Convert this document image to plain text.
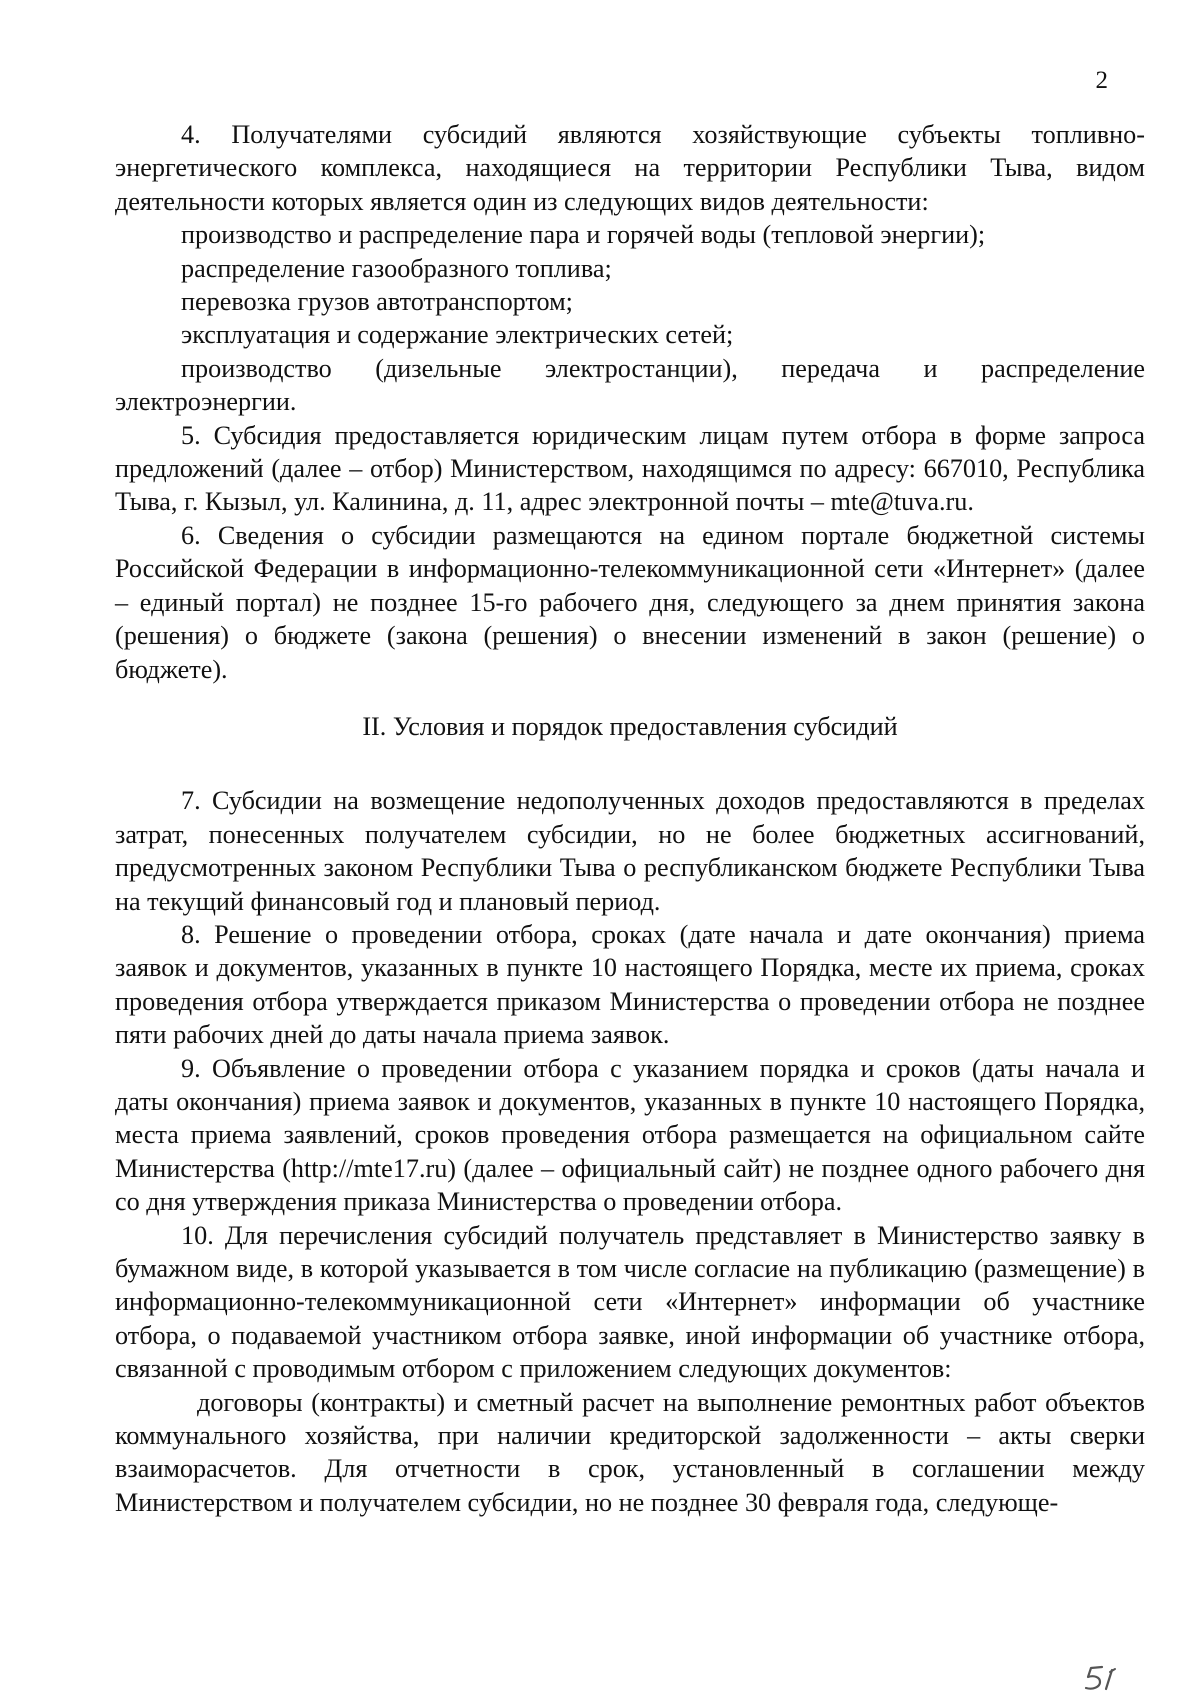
2

4. Получателями субсидий являются хозяйствующие субъекты топливно-энергетического комплекса, находящиеся на территории Республики Тыва, видом деятельности которых является один из следующих видов деятельности:

производство и распределение пара и горячей воды (тепловой энергии);

распределение газообразного топлива;

перевозка грузов автотранспортом;

эксплуатация и содержание электрических сетей;

производство (дизельные электростанции), передача и распределение электроэнергии.

5. Субсидия предоставляется юридическим лицам путем отбора в форме запроса предложений (далее – отбор) Министерством, находящимся по адресу: 667010, Республика Тыва, г. Кызыл, ул. Калинина, д. 11, адрес электронной почты – mte@tuva.ru.

6. Сведения о субсидии размещаются на едином портале бюджетной системы Российской Федерации в информационно-телекоммуникационной сети «Интернет» (далее – единый портал) не позднее 15-го рабочего дня, следующего за днем принятия закона (решения) о бюджете (закона (решения) о внесении изменений в закон (решение) о бюджете).

II. Условия и порядок предоставления субсидий

7. Субсидии на возмещение недополученных доходов предоставляются в пределах затрат, понесенных получателем субсидии, но не более бюджетных ассигнований, предусмотренных законом Республики Тыва о республиканском бюджете Республики Тыва на текущий финансовый год и плановый период.

8. Решение о проведении отбора, сроках (дате начала и дате окончания) приема заявок и документов, указанных в пункте 10 настоящего Порядка, месте их приема, сроках проведения отбора утверждается приказом Министерства о проведении отбора не позднее пяти рабочих дней до даты начала приема заявок.

9. Объявление о проведении отбора с указанием порядка и сроков (даты начала и даты окончания) приема заявок и документов, указанных в пункте 10 настоящего Порядка, места приема заявлений, сроков проведения отбора размещается на официальном сайте Министерства (http://mte17.ru) (далее – официальный сайт) не позднее одного рабочего дня со дня утверждения приказа Министерства о проведении отбора.

10. Для перечисления субсидий получатель представляет в Министерство заявку в бумажном виде, в которой указывается в том числе согласие на публикацию (размещение) в информационно-телекоммуникационной сети «Интернет» информации об участнике отбора, о подаваемой участником отбора заявке, иной информации об участнике отбора, связанной с проводимым отбором с приложением следующих документов:

договоры (контракты) и сметный расчет на выполнение ремонтных работ объектов коммунального хозяйства, при наличии кредиторской задолженности – акты сверки взаиморасчетов. Для отчетности в срок, установленный в соглашении между Министерством и получателем субсидии, но не позднее 30 февраля года, следующе-
